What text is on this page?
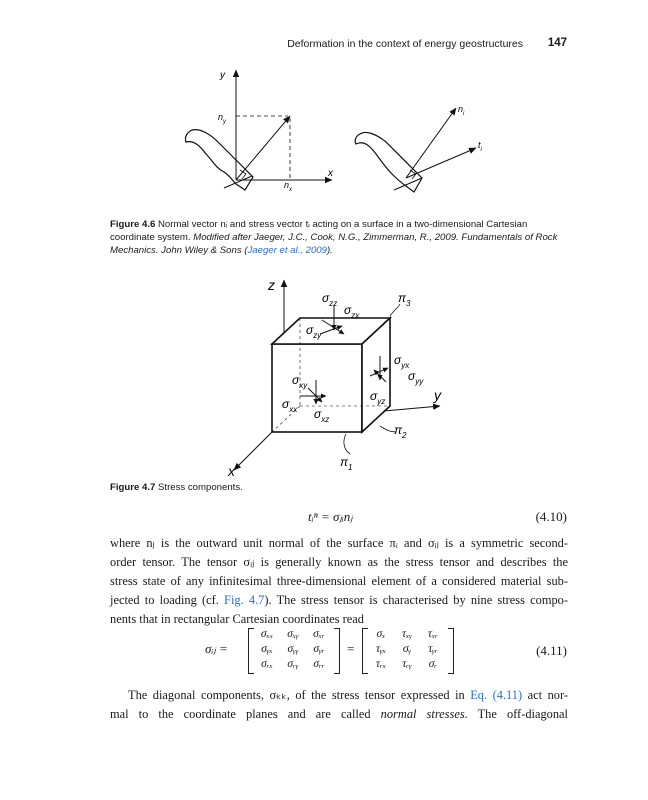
Deformation in the context of energy geostructures 147
y
x
$n_y$
$n_x$
$n_i$
$t_i$
Figure 4.6 Normal vector nᵢ and stress vector tᵢ acting on a surface in a two-dimensional Cartesian coordinate system. Modified after Jaeger, J.C., Cook, N.G., Zimmerman, R., 2009. Fundamentals of Rock Mechanics. John Wiley & Sons (Jaeger et al., 2009).
z
y
x
$\sigma_{zz}$ $\sigma_{zx}$
$\sigma_{zy}$
$\sigma_{yx}$
$\sigma_{yy}$
$\sigma_{yz}$
$\sigma_{xy}$
$\sigma_{xx}$ $\sigma_{xz}$
$\pi_3$
$\pi_2$
$\pi_1$
Figure 4.7 Stress components.
tᵢⁿ = σⱼᵢnⱼ	(4.10)
where nⱼ is the outward unit normal of the surface πᵢ and σᵢⱼ is a symmetric second-
order tensor. The tensor σᵢⱼ is generally known as the stress tensor and describes the
stress state of any infinitesimal three-dimensional element of a considered material sub-
jected to loading (cf. Fig. 4.7). The stress tensor is characterised by nine stress compo-
nents that in rectangular Cartesian coordinates read
σᵢⱼ =
σₓₓ	σₓᵧ	σₓᵣ
σᵧₓ	σᵧᵧ	σᵧᵣ
σᵣₓ	σᵣᵧ	σᵣᵣ
=
σₓ	τₓᵧ	τₓᵣ
τᵧₓ	σᵧ	τᵧᵣ
τᵣₓ	τᵣᵧ	σᵣ
(4.11)
The diagonal components, σₖₖ, of the stress tensor expressed in Eq. (4.11) act nor-
mal to the coordinate planes and are called normal stresses. The off-diagonal
